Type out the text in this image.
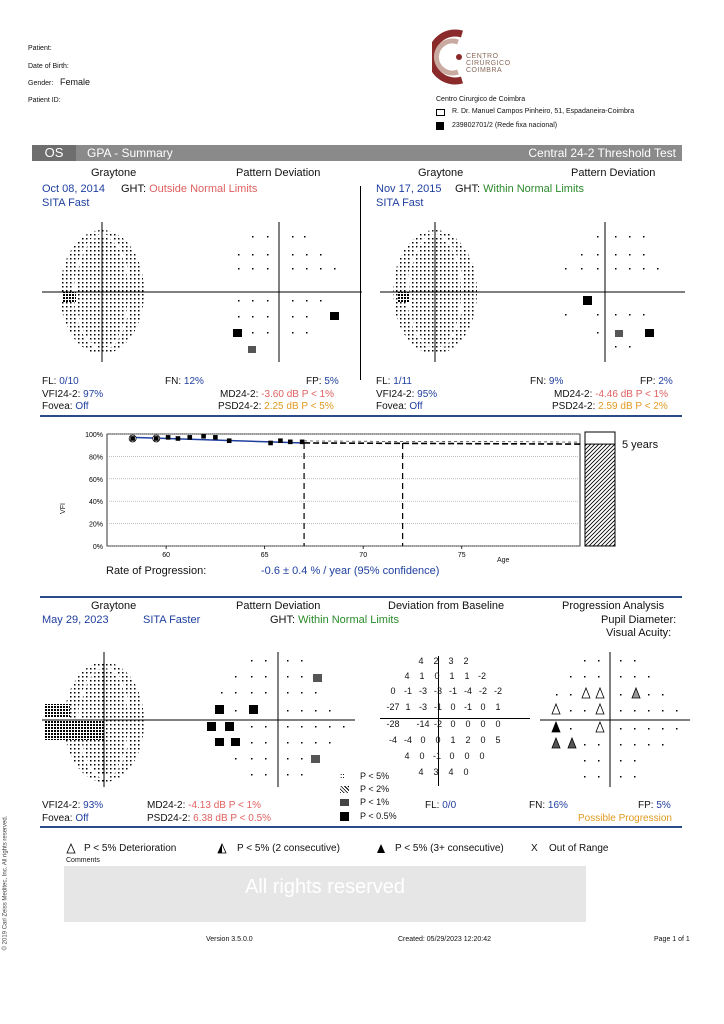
Patient:
Date of Birth:
Gender: Female
Patient ID:
CENTRO
CIRÚRGICO
COIMBRA
Centro Cirurgico de Coimbra
R. Dr. Manuel Campos Pinheiro, 51, Espadaneira-Coimbra
239802701/2 (Rede fixa nacional)
OS	GPA - Summary	Central 24-2 Threshold Test
Graytone	Pattern Deviation
Oct 08, 2014 GHT: Outside Normal Limits
SITA Fast
FL: 0/10	FN: 12%	FP: 5%
VFI24-2: 97%	MD24-2: -3.60 dB P < 1%
Fovea: Off	PSD24-2: 2.25 dB P < 5%
Graytone	Pattern Deviation
Nov 17, 2015 GHT: Within Normal Limits
SITA Fast
FL: 1/11	FN: 9%	FP: 2%
VFI24-2: 95%	MD24-2: -4.46 dB P < 1%
Fovea: Off	PSD24-2: 2.59 dB P < 2%
0%
20%
40%
60%
80%
100%
60	65	70	75
5 years
VFI
Age
Rate of Progression:	-0.6 ± 0.4 % / year (95% confidence)
Graytone	Pattern Deviation	Deviation from Baseline	Progression Analysis
May 29, 2023	SITA Faster	GHT: Within Normal Limits	Pupil Diameter:
Visual Acuity:
4	2	3	2
4	1	0	1	1 -2
0 -1 -3 -3 -1 -4 -2 -2
-27 1 -3 -1 0 -1 0	1
-28 -14 -2 0	0	0	0
-4 -4 0	0	1	2	0	5
4	0 -1 0	0	0
4	3	4	0
:: P < 5%
P < 2%
P < 1%
P < 0.5%
VFI24-2: 93%	MD24-2: -4.13 dB P < 1%
Fovea: Off	PSD24-2: 6.38 dB P < 0.5%
FL: 0/0	FN: 16%	FP: 5%
Possible Progression
P < 5% Deterioration	P < 5% (2 consecutive)	P < 5% (3+ consecutive)	X Out of Range
Comments
All rights reserved
Version 3.5.0.0	Created: 05/29/2023 12:20:42	Page 1 of 1
© 2019 Carl Zeiss Meditec, Inc. All rights reserved.
